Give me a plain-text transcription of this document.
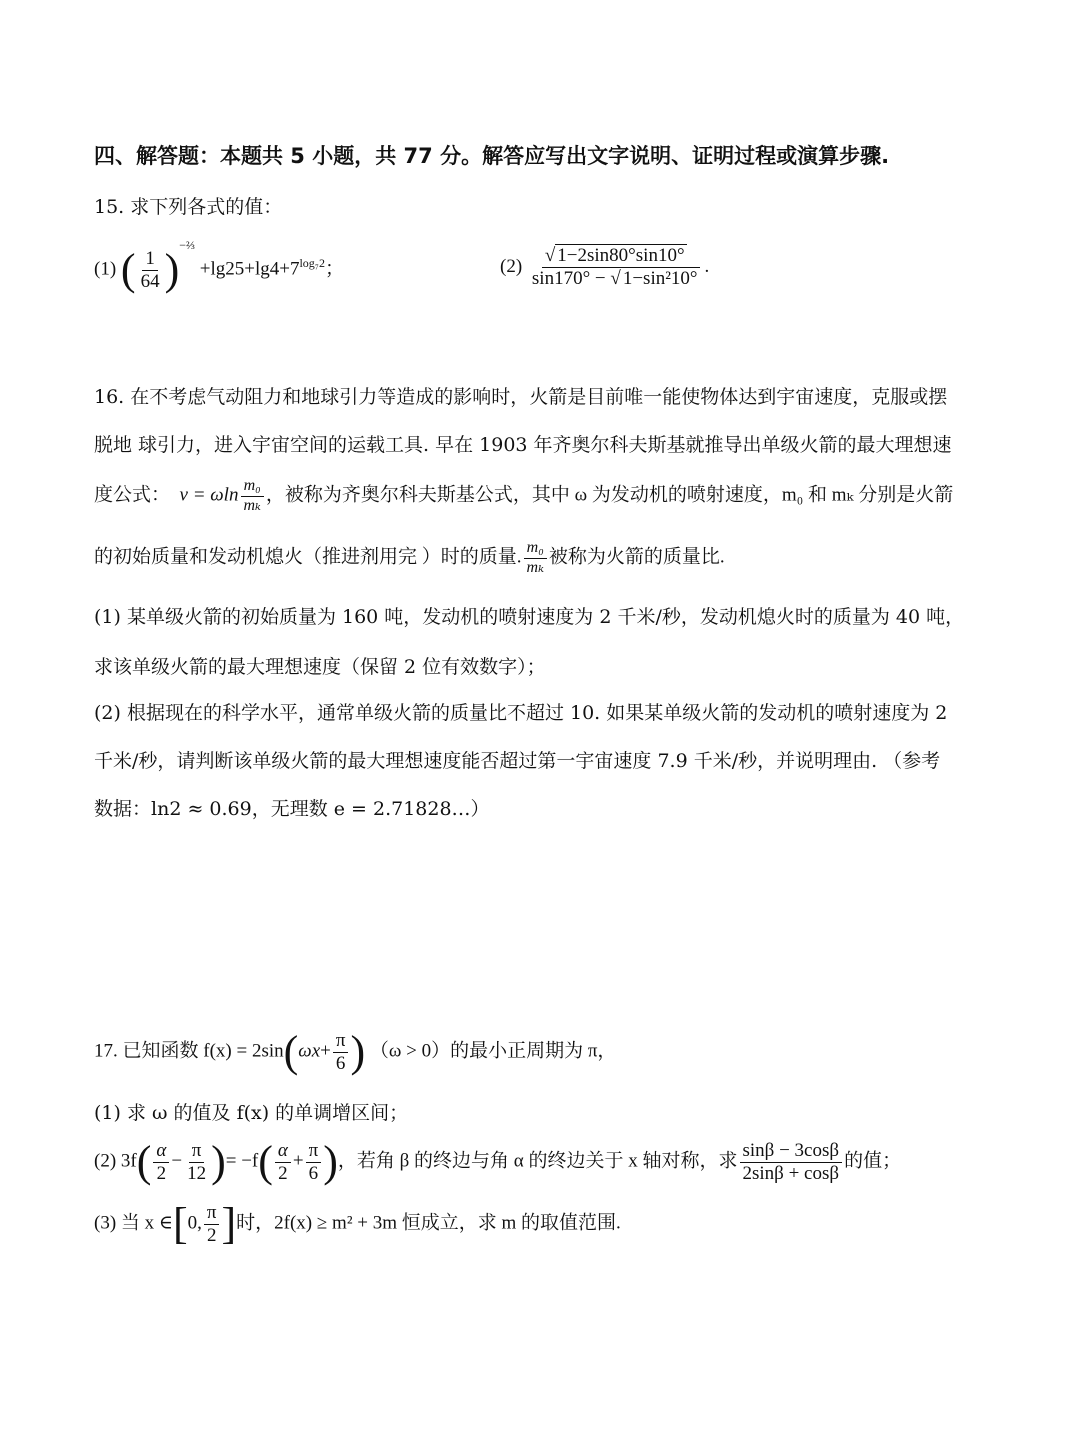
四、解答题：本题共 5 小题，共 77 分。解答应写出文字说明、证明过程或演算步骤.
15. 求下列各式的值：
(1) ( $\frac{1}{64} )^{-\frac{2}{3}} +\lg 25+\lg 4+7^{log_72}$；	$(2) \frac{√ 1-2\sin 80^\circ\sin 10^\circ}{\text{sin170° − √ 1−sin²10°}}$ .
16. 在不考虑气动阻力和地球引力等造成的影响时，火箭是目前唯一能使物体达到宇宙速度，克服或摆
脱地 球引力，进入宇宙空间的运载工具. 早在 1903 年齐奥尔科夫斯基就推导出单级火箭的最大理想速
度公式： v = ωln $\frac{\text{m₀}}{\text{mₖ}}$ ，被称为齐奥尔科夫斯基公式，其中 ω 为发动机的喷射速度，m₀ 和 mₖ 分别是火箭
的初始质量和发动机熄火（推进剂用完 ）时的质量. $\frac{\text{m₀}}{\text{mₖ}}$ 被称为火箭的质量比.
(1) 某单级火箭的初始质量为 160 吨，发动机的喷射速度为 2 千米/秒，发动机熄火时的质量为 40 吨，
求该单级火箭的最大理想速度（保留 2 位有效数字）；
(2) 根据现在的科学水平，通常单级火箭的质量比不超过 10. 如果某单级火箭的发动机的喷射速度为 2
千米/秒，请判断该单级火箭的最大理想速度能否超过第一宇宙速度 7.9 千米/秒，并说明理由. （参考
数据：ln2 ≈ 0.69，无理数 e = 2.71828…）
17. 已知函数 $f(x) = 2\sin(\omega x+ \frac{\pi}{6}$ ) （ω > 0）的最小正周期为 π，
(1) 求 ω 的值及 f(x) 的单调增区间；
(2) $3f( \frac{\alpha}{2} - \frac{\pi}{12}$ )= $-f( \frac{\alpha}{2} + \frac{\pi}{6}$ )，若角 β 的终边与角 α 的终边关于 x 轴对称，求 $\frac{\sin\beta - 3\cos\beta}{2\sin\beta + \cos\beta}$ 的值；
(3) 当 x ∈[0, $\frac{\pi}{2}$ ]时，2f(x) ≥ m² + 3m 恒成立，求 m 的取值范围.
